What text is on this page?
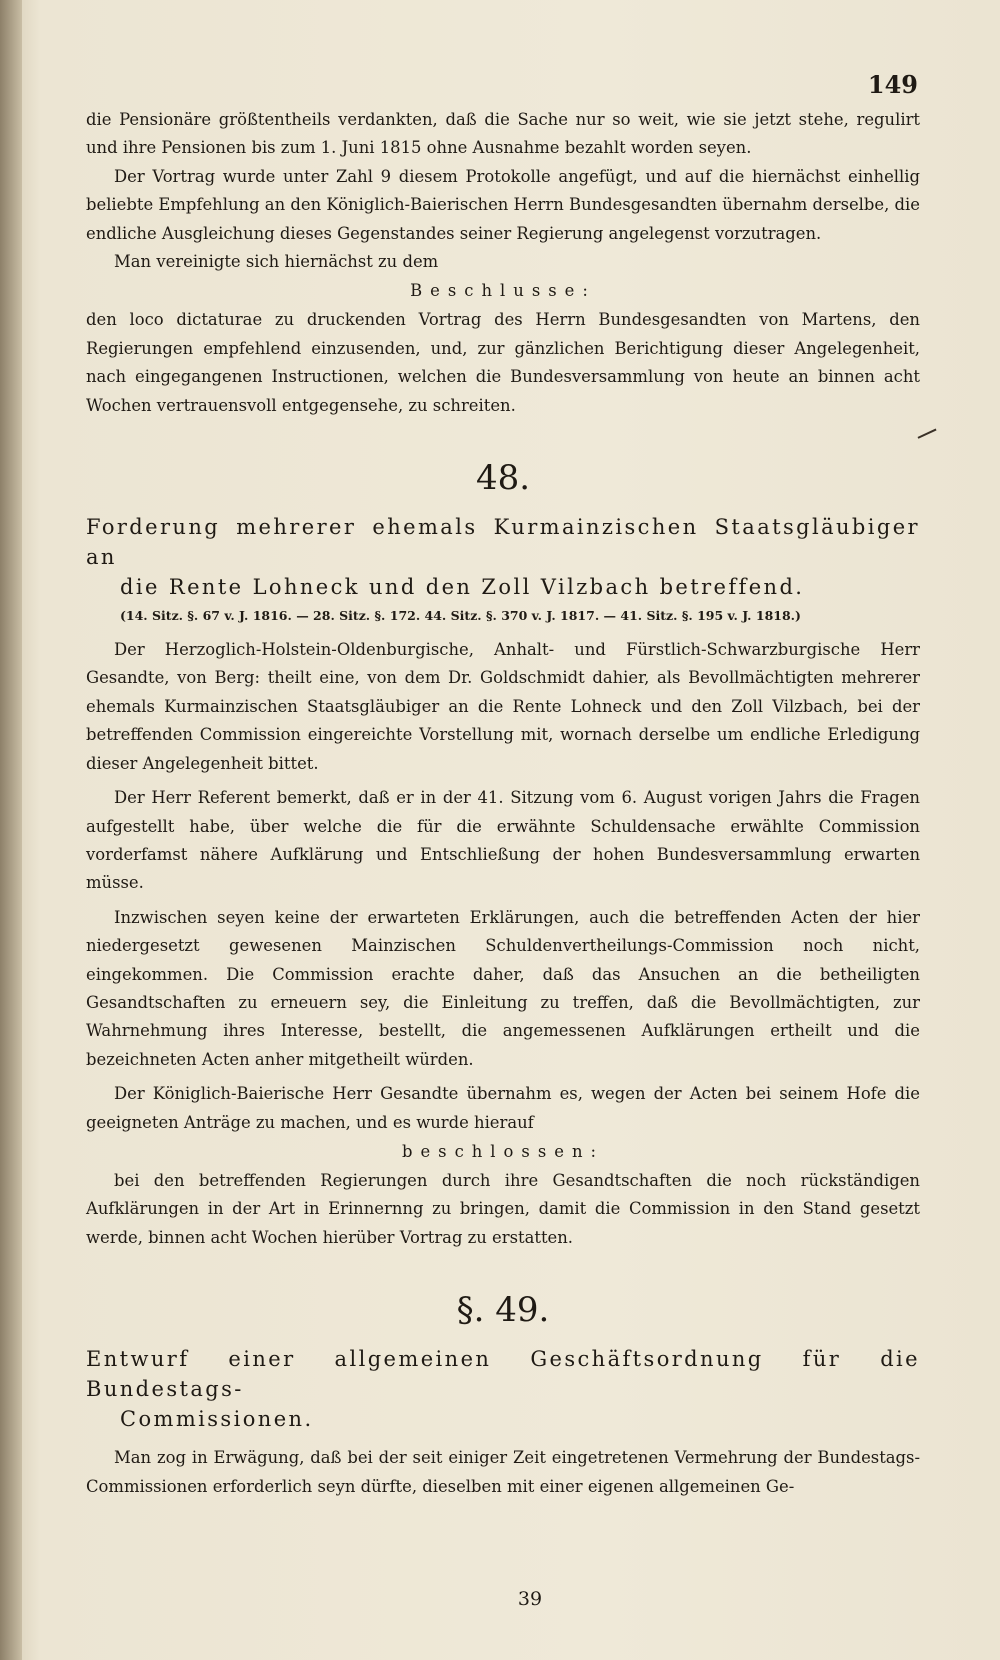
149

die Pensionäre größtentheils verdankten, daß die Sache nur so weit, wie sie jetzt stehe, regulirt und ihre Pensionen bis zum 1. Juni 1815 ohne Ausnahme bezahlt worden seyen.

Der Vortrag wurde unter Zahl 9 diesem Protokolle angefügt, und auf die hiernächst einhellig beliebte Empfehlung an den Königlich-Baierischen Herrn Bundesgesandten übernahm derselbe, die endliche Ausgleichung dieses Gegenstandes seiner Regierung angelegenst vorzutragen.

Man vereinigte sich hiernächst zu dem

Beschlusse:

den loco dictaturae zu druckenden Vortrag des Herrn Bundesgesandten von Martens, den Regierungen empfehlend einzusenden, und, zur gänzlichen Berichtigung dieser Angelegenheit, nach eingegangenen Instructionen, welchen die Bundesversammlung von heute an binnen acht Wochen vertrauensvoll entgegensehe, zu schreiten.

48.

Forderung mehrerer ehemals Kurmainzischen Staatsgläubiger an

die Rente Lohneck und den Zoll Vilzbach betreffend.

(14. Sitz. §. 67 v. J. 1816. — 28. Sitz. §. 172. 44. Sitz. §. 370 v. J. 1817. — 41. Sitz. §. 195 v. J. 1818.)

Der Herzoglich-Holstein-Oldenburgische, Anhalt- und Fürstlich-Schwarzburgische Herr Gesandte, von Berg: theilt eine, von dem Dr. Goldschmidt dahier, als Bevollmächtigten mehrerer ehemals Kurmainzischen Staatsgläubiger an die Rente Lohneck und den Zoll Vilzbach, bei der betreffenden Commission eingereichte Vorstellung mit, wornach derselbe um endliche Erledigung dieser Angelegenheit bittet.

Der Herr Referent bemerkt, daß er in der 41. Sitzung vom 6. August vorigen Jahrs die Fragen aufgestellt habe, über welche die für die erwähnte Schuldensache erwählte Commission vorderfamst nähere Aufklärung und Entschließung der hohen Bundesversammlung erwarten müsse.

Inzwischen seyen keine der erwarteten Erklärungen, auch die betreffenden Acten der hier niedergesetzt gewesenen Mainzischen Schuldenvertheilungs-Commission noch nicht, eingekommen. Die Commission erachte daher, daß das Ansuchen an die betheiligten Gesandtschaften zu erneuern sey, die Einleitung zu treffen, daß die Bevollmächtigten, zur Wahrnehmung ihres Interesse, bestellt, die angemessenen Aufklärungen ertheilt und die bezeichneten Acten anher mitgetheilt würden.

Der Königlich-Baierische Herr Gesandte übernahm es, wegen der Acten bei seinem Hofe die geeigneten Anträge zu machen, und es wurde hierauf

beschlossen:

bei den betreffenden Regierungen durch ihre Gesandtschaften die noch rückständigen Aufklärungen in der Art in Erinnernng zu bringen, damit die Commission in den Stand gesetzt werde, binnen acht Wochen hierüber Vortrag zu erstatten.

§. 49.

Entwurf einer allgemeinen Geschäftsordnung für die Bundestags-

Commissionen.

Man zog in Erwägung, daß bei der seit einiger Zeit eingetretenen Vermehrung der Bundestags-Commissionen erforderlich seyn dürfte, dieselben mit einer eigenen allgemeinen Ge-

39
